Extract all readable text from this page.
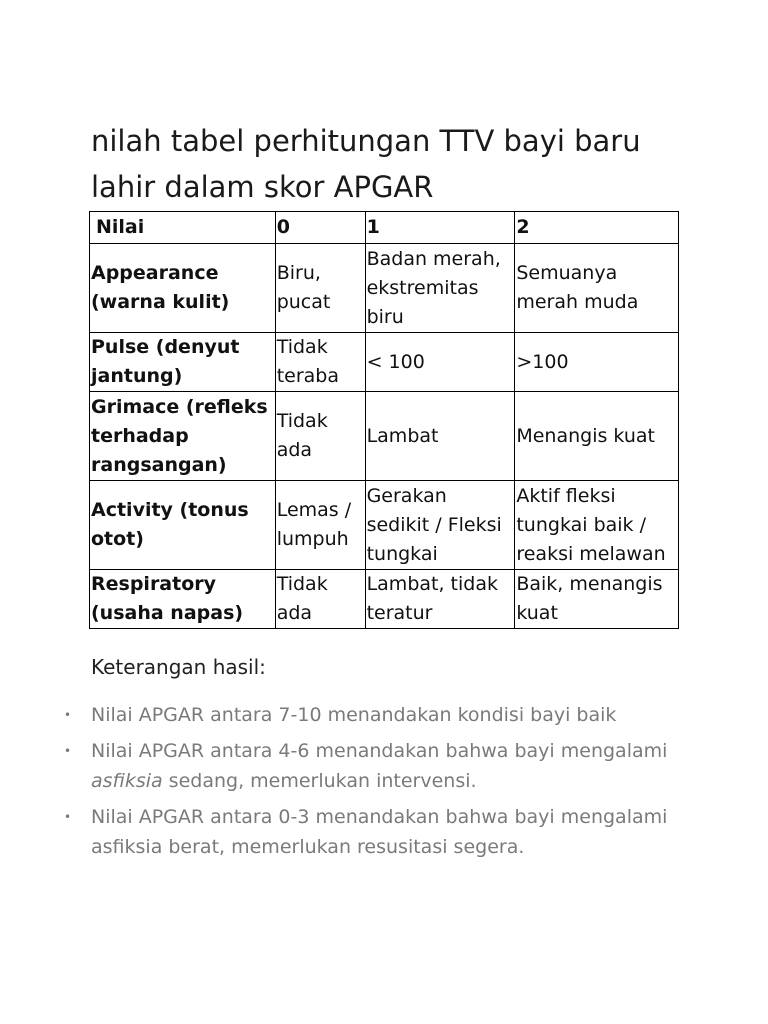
nilah tabel perhitungan TTV bayi baru lahir dalam skor APGAR
Nilai	0	1	2
Appearance (warna kulit)	Biru, pucat	Badan merah, ekstremitas biru	Semuanya merah muda
Pulse (denyut jantung)	Tidak teraba	< 100	>100
Grimace (refleks terhadap rangsangan)	Tidak ada	Lambat	Menangis kuat
Activity (tonus otot)	Lemas / lumpuh	Gerakan sedikit / Fleksi tungkai	Aktif fleksi tungkai baik / reaksi melawan
Respiratory (usaha napas)	Tidak ada	Lambat, tidak teratur	Baik, menangis kuat

Keterangan hasil:

• Nilai APGAR antara 7-10 menandakan kondisi bayi baik
• Nilai APGAR antara 4-6 menandakan bahwa bayi mengalami asfiksia sedang, memerlukan intervensi.
• Nilai APGAR antara 0-3 menandakan bahwa bayi mengalami asfiksia berat, memerlukan resusitasi segera.
